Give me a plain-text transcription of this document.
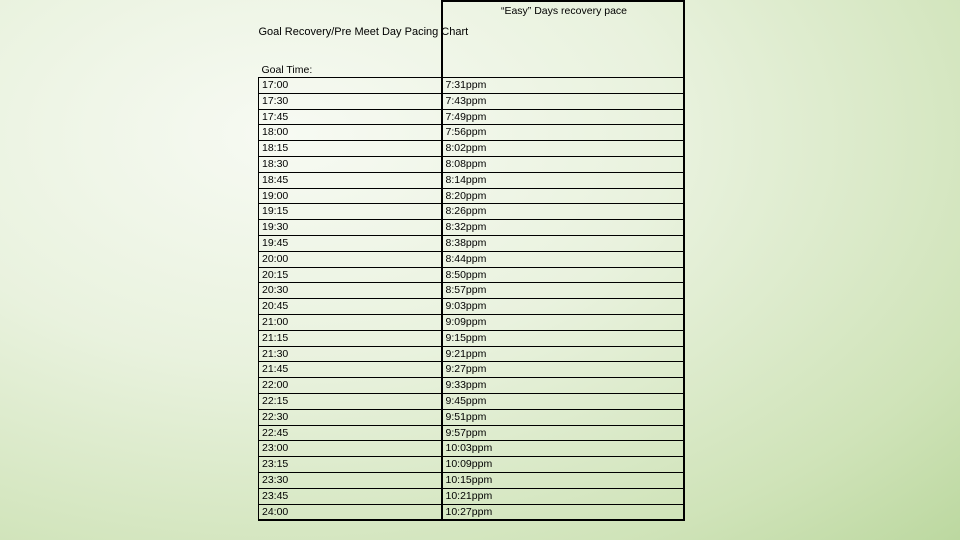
Goal Recovery/Pre Meet Day Pacing Chart	“Easy” Days recovery pace

Goal Time:	
17:00	7:31ppm
17:30	7:43ppm
17:45	7:49ppm
18:00	7:56ppm
18:15	8:02ppm
18:30	8:08ppm
18:45	8:14ppm
19:00	8:20ppm
19:15	8:26ppm
19:30	8:32ppm
19:45	8:38ppm
20:00	8:44ppm
20:15	8:50ppm
20:30	8:57ppm
20:45	9:03ppm
21:00	9:09ppm
21:15	9:15ppm
21:30	9:21ppm
21:45	9:27ppm
22:00	9:33ppm
22:15	9:45ppm
22:30	9:51ppm
22:45	9:57ppm
23:00	10:03ppm
23:15	10:09ppm
23:30	10:15ppm
23:45	10:21ppm
24:00	10:27ppm
